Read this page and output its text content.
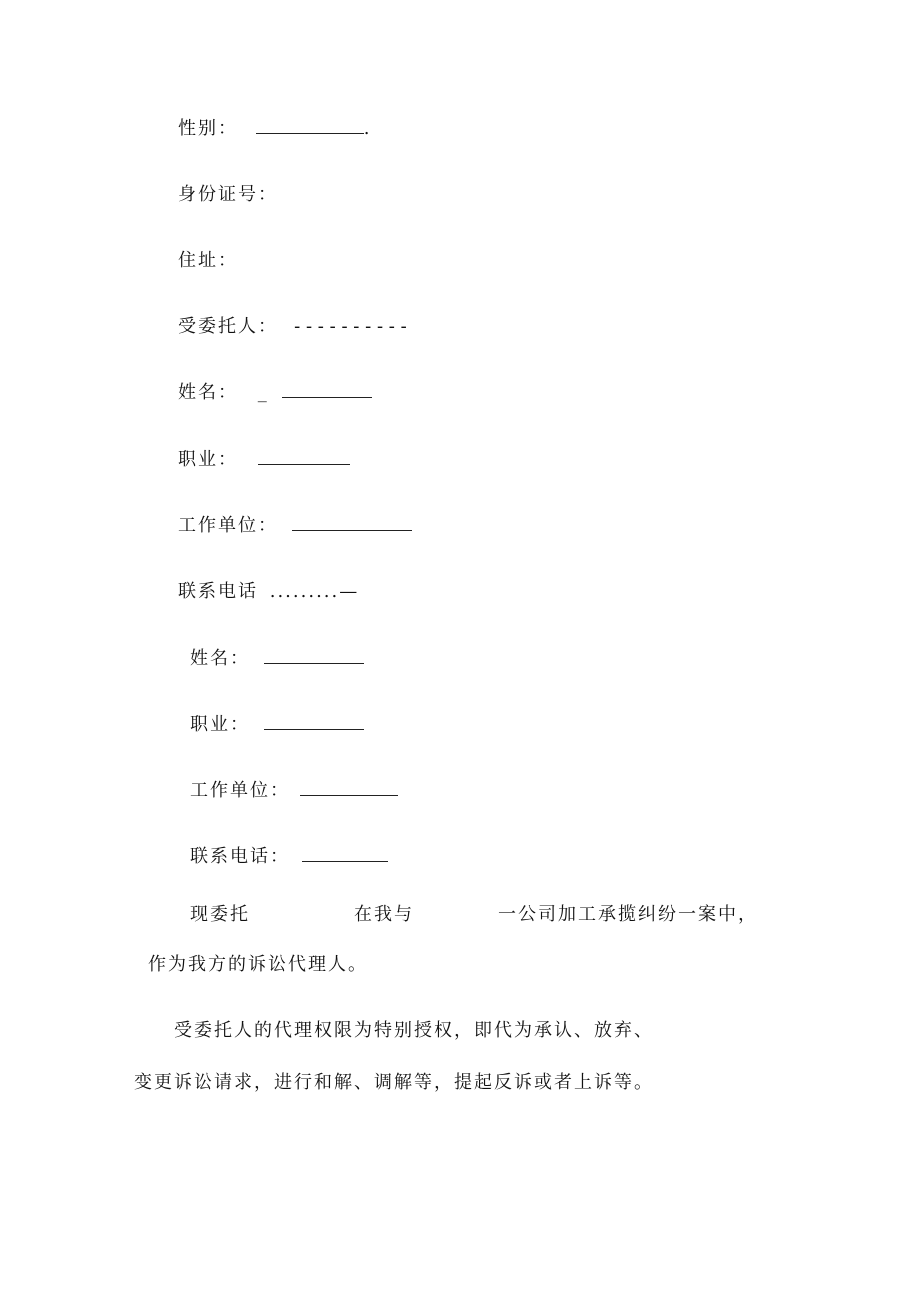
性别：	.
身份证号：
住址：
受委托人： ----------
姓名： _
职业：
工作单位：
联系电话 .........—
姓名：
职业：
工作单位：
联系电话：
现委托	在我与	一公司加工承揽纠纷一案中，
作为我方的诉讼代理人。
受委托人的代理权限为特别授权，即代为承认、放弃、
变更诉讼请求，进行和解、调解等，提起反诉或者上诉等。
